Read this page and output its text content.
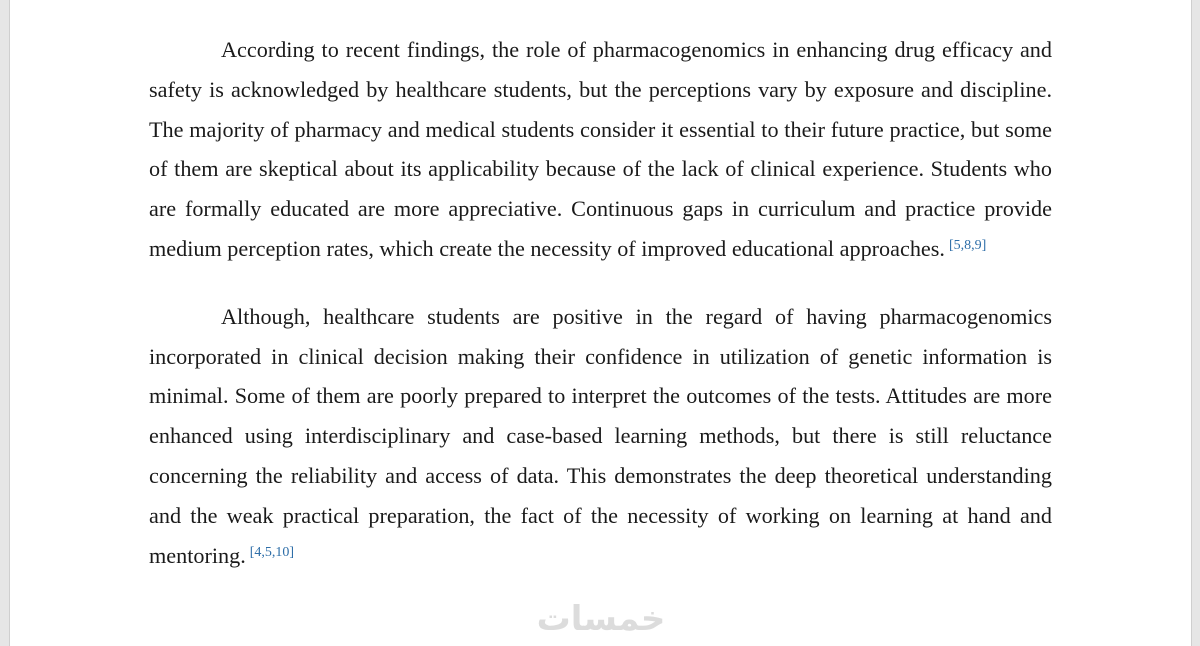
According to recent findings, the role of pharmacogenomics in enhancing drug efficacy and safety is acknowledged by healthcare students, but the perceptions vary by exposure and discipline. The majority of pharmacy and medical students consider it essential to their future practice, but some of them are skeptical about its applicability because of the lack of clinical experience. Students who are formally educated are more appreciative. Continuous gaps in curriculum and practice provide medium perception rates, which create the necessity of improved educational approaches. [5,8,9]

Although, healthcare students are positive in the regard of having pharmacogenomics incorporated in clinical decision making their confidence in utilization of genetic information is minimal. Some of them are poorly prepared to interpret the outcomes of the tests. Attitudes are more enhanced using interdisciplinary and case-based learning methods, but there is still reluctance concerning the reliability and access of data. This demonstrates the deep theoretical understanding and the weak practical preparation, the fact of the necessity of working on learning at hand and mentoring. [4,5,10]

خمسات
